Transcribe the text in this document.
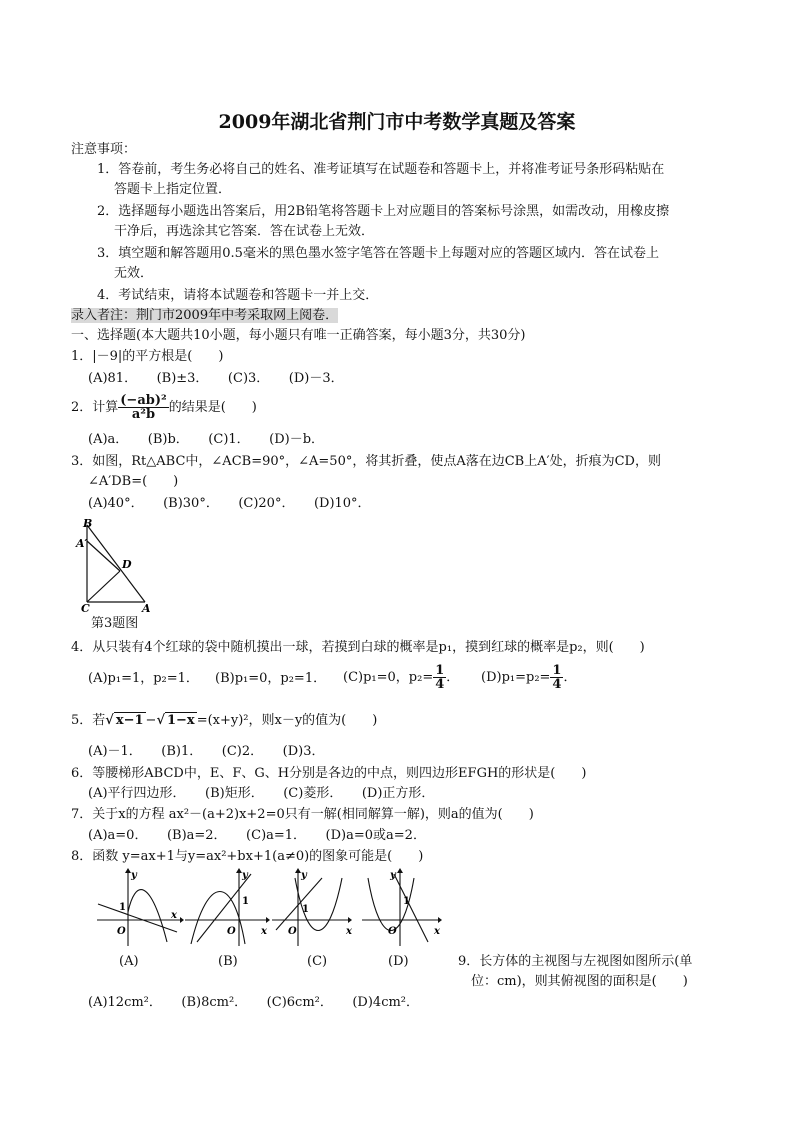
2009年湖北省荆门市中考数学真题及答案
注意事项：
1．答卷前，考生务必将自己的姓名、准考证填写在试题卷和答题卡上，并将准考证号条形码粘贴在
答题卡上指定位置．
2．选择题每小题选出答案后，用2B铅笔将答题卡上对应题目的答案标号涂黑，如需改动，用橡皮擦
干净后，再选涂其它答案．答在试卷上无效．
3．填空题和解答题用0.5毫米的黑色墨水签字笔答在答题卡上每题对应的答题区域内．答在试卷上
无效．
4．考试结束，请将本试题卷和答题卡一并上交．
录入者注：荆门市2009年中考采取网上阅卷．
一、选择题(本大题共10小题，每小题只有唯一正确答案，每小题3分，共30分)
1．|－9|的平方根是(　　)
(A)81．　　(B)±3．　　(C)3．　　(D)－3．
2．计算 $\frac{\text{(−ab)²}}{\text{a²b}}$ 的结果是(　　)
(A)a．　　(B)b．　　(C)1．　　(D)－b．
3．如图，Rt△ABC中，∠ACB=90°，∠A=50°，将其折叠，使点A落在边CB上A′处，折痕为CD，则
∠A′DB=(　　)
(A)40°．　　(B)30°．　　(C)20°．　　(D)10°．
B
A′
D
C	A
第3题图
4．从只装有4个红球的袋中随机摸出一球，若摸到白球的概率是p₁，摸到红球的概率是p₂，则(　　)
(A)p₁=1，p₂=1． (B)p₁=0，p₂=1． (C)p₁=0，$p_2= \frac{1}{4}$ ． $(D)p_1=p_2= \frac{1}{4}$ ．
5．若√ x−1 −√ 1−x =(x+y)²，则x－y的值为(　　)
(A)－1．　　(B)1．　　(C)2．　　(D)3．
6．等腰梯形ABCD中，E、F、G、H分别是各边的中点，则四边形EFGH的形状是(　　)
(A)平行四边形．　　(B)矩形．　　(C)菱形．　　(D)正方形．
7．关于x的方程 ax²－(a+2)x+2=0只有一解(相同解算一解)，则a的值为(　　)
(A)a=0．　　(B)a=2．　　(C)a=1．　　(D)a=0或a=2．
8．函数 y=ax+1与y=ax²+bx+1(a≠0)的图象可能是(　　)
y
x
O
1
(A)
y
x
O
1
(B)
y
x
O
1
(C)
y
x
O
1
(D)	9．长方体的主视图与左视图如图所示(单
位：cm)，则其俯视图的面积是(　　)
(A)12cm²．　　(B)8cm²．　　(C)6cm²．　　(D)4cm²．
